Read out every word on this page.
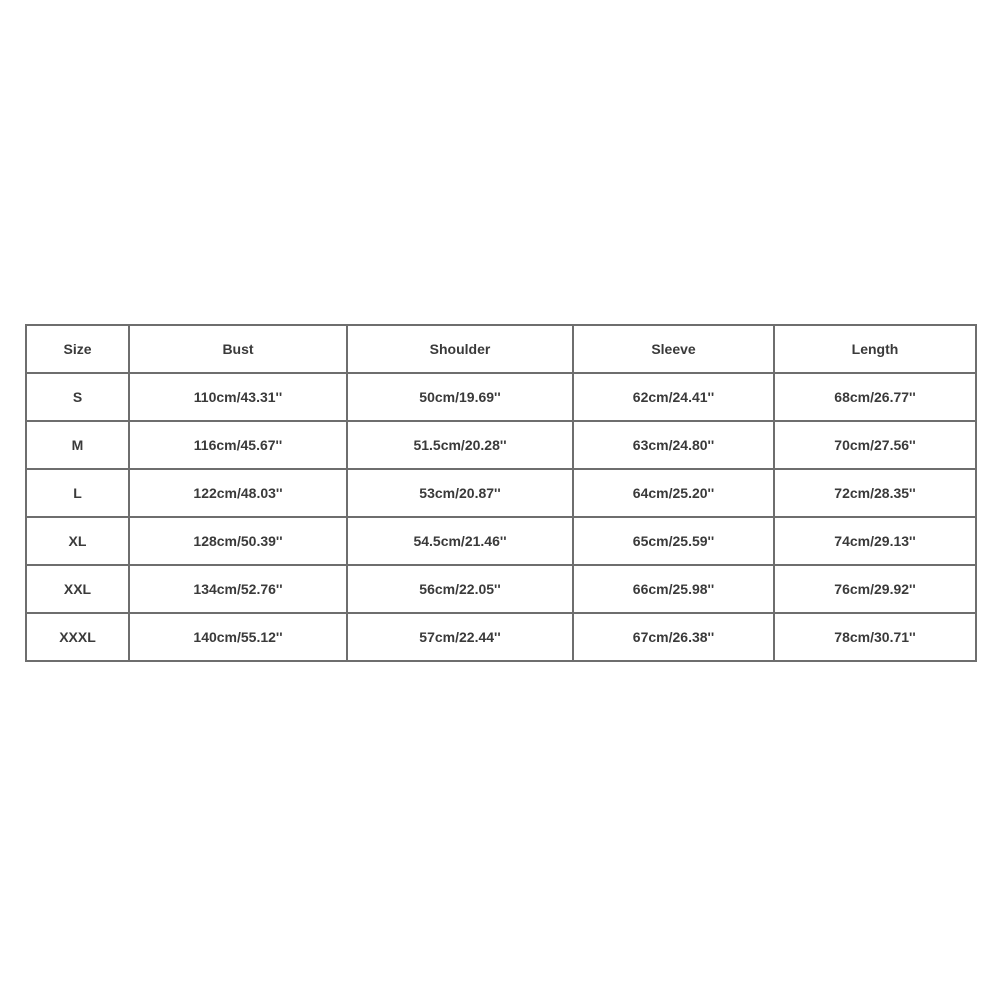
Size	Bust	Shoulder	Sleeve	Length
S	110cm/43.31''	50cm/19.69''	62cm/24.41''	68cm/26.77''
M	116cm/45.67''	51.5cm/20.28''	63cm/24.80''	70cm/27.56''
L	122cm/48.03''	53cm/20.87''	64cm/25.20''	72cm/28.35''
XL	128cm/50.39''	54.5cm/21.46''	65cm/25.59''	74cm/29.13''
XXL	134cm/52.76''	56cm/22.05''	66cm/25.98''	76cm/29.92''
XXXL	140cm/55.12''	57cm/22.44''	67cm/26.38''	78cm/30.71''
